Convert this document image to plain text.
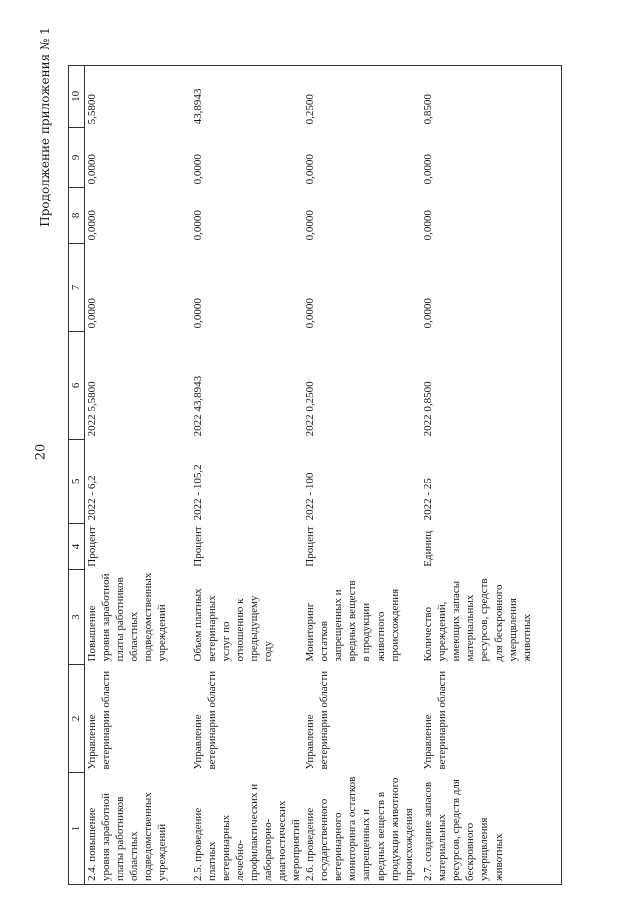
20
Продолжение приложения № 1
1	2	3	4	5	6	7	8	9	10
2.4. повышение уровня заработной платы работников областных подведомственных учреждений	Управление ветеринарии области	Повышение уровня заработной платы работников областных подведомственных учреждений	Процент	2022 - 6,2	2022 5,5800	0,0000	0,0000	0,0000	5,5800
2.5. проведение платных ветеринарных лечебно-профилактических и лабораторно-диагностических мероприятий	Управление ветеринарии области	Объем платных ветеринарных услуг по отношению к предыдущему году	Процент	2022 - 105,2	2022 43,8943	0,0000	0,0000	0,0000	43,8943
2.6. проведение государственного ветеринарного мониторинга остатков запрещенных и вредных веществ в продукции животного происхождения	Управление ветеринарии области	Мониторинг остатков запрещенных и вредных веществ в продукции животного происхождения	Процент	2022 - 100	2022 0,2500	0,0000	0,0000	0,0000	0,2500
2.7. создание запасов материальных ресурсов, средств для бескровного умерщвления животных	Управление ветеринарии области	Количество учреждений, имеющих запасы материальных ресурсов, средств для бескровного умерщвления животных	Единиц	2022 - 25	2022 0,8500	0,0000	0,0000	0,0000	0,8500
